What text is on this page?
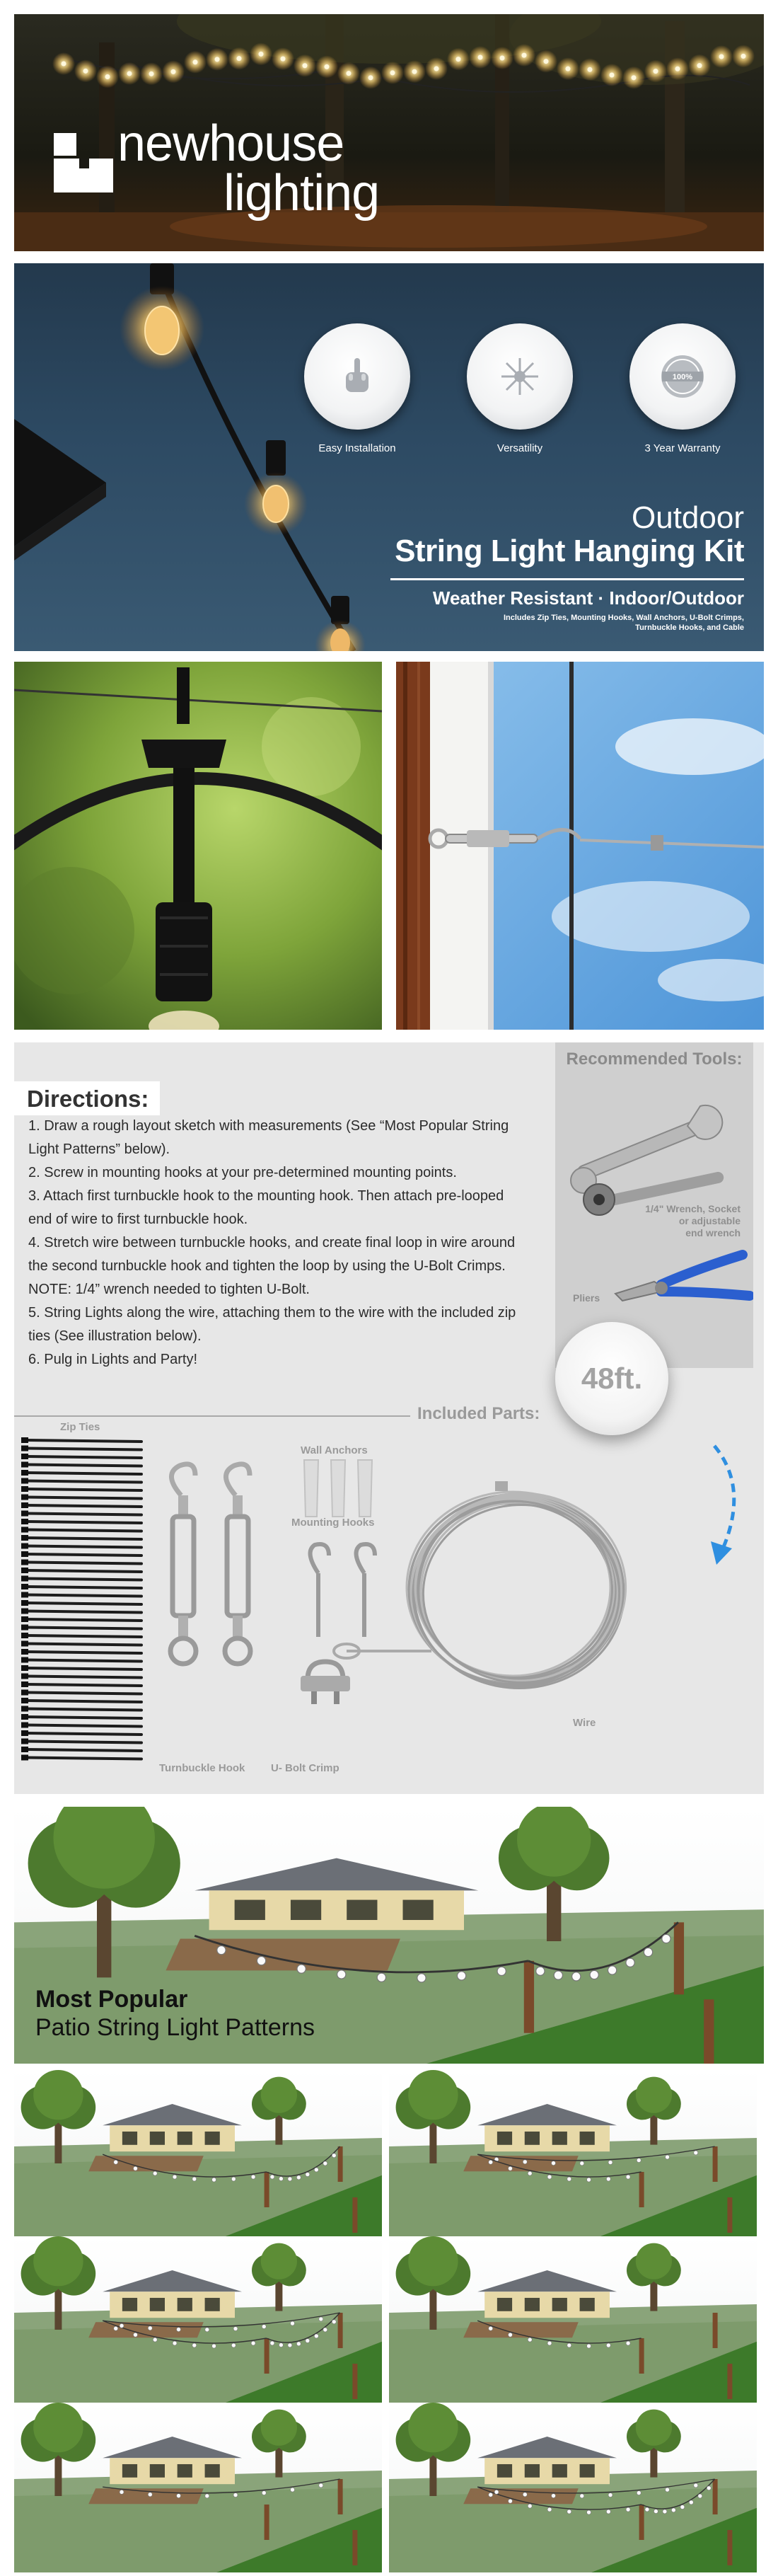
newhouse
lighting
Easy Installation	Versatility
100%
3 Year Warranty
Outdoor
String Light Hanging Kit
Weather Resistant · Indoor/Outdoor
Includes Zip Ties, Mounting Hooks, Wall Anchors, U-Bolt Crimps, Turnbuckle Hooks, and Cable
Directions:
1. Draw a rough layout sketch with measurements (See “Most Popular String Light Patterns” below).
2. Screw in mounting hooks at your pre-determined mounting points.
3. Attach first turnbuckle hook to the mounting hook. Then attach pre-looped end of wire to first turnbuckle hook.
4. Stretch wire between turnbuckle hooks, and create final loop in wire around the second turnbuckle hook and tighten the loop by using the U-Bolt Crimps. NOTE: 1/4” wrench needed to tighten U-Bolt.
5. String Lights along the wire, attaching them to the wire with the included zip ties (See illustration below).
6. Pulg in Lights and Party!
Recommended Tools:
1/4" Wrench, Socket
or adjustable
end wrench
Pliers
Included Parts:
Zip Ties
Wall Anchors
Mounting Hooks
Turnbuckle Hook U- Bolt Crimp
Wire
48ft.
Most Popular
Patio String Light Patterns
